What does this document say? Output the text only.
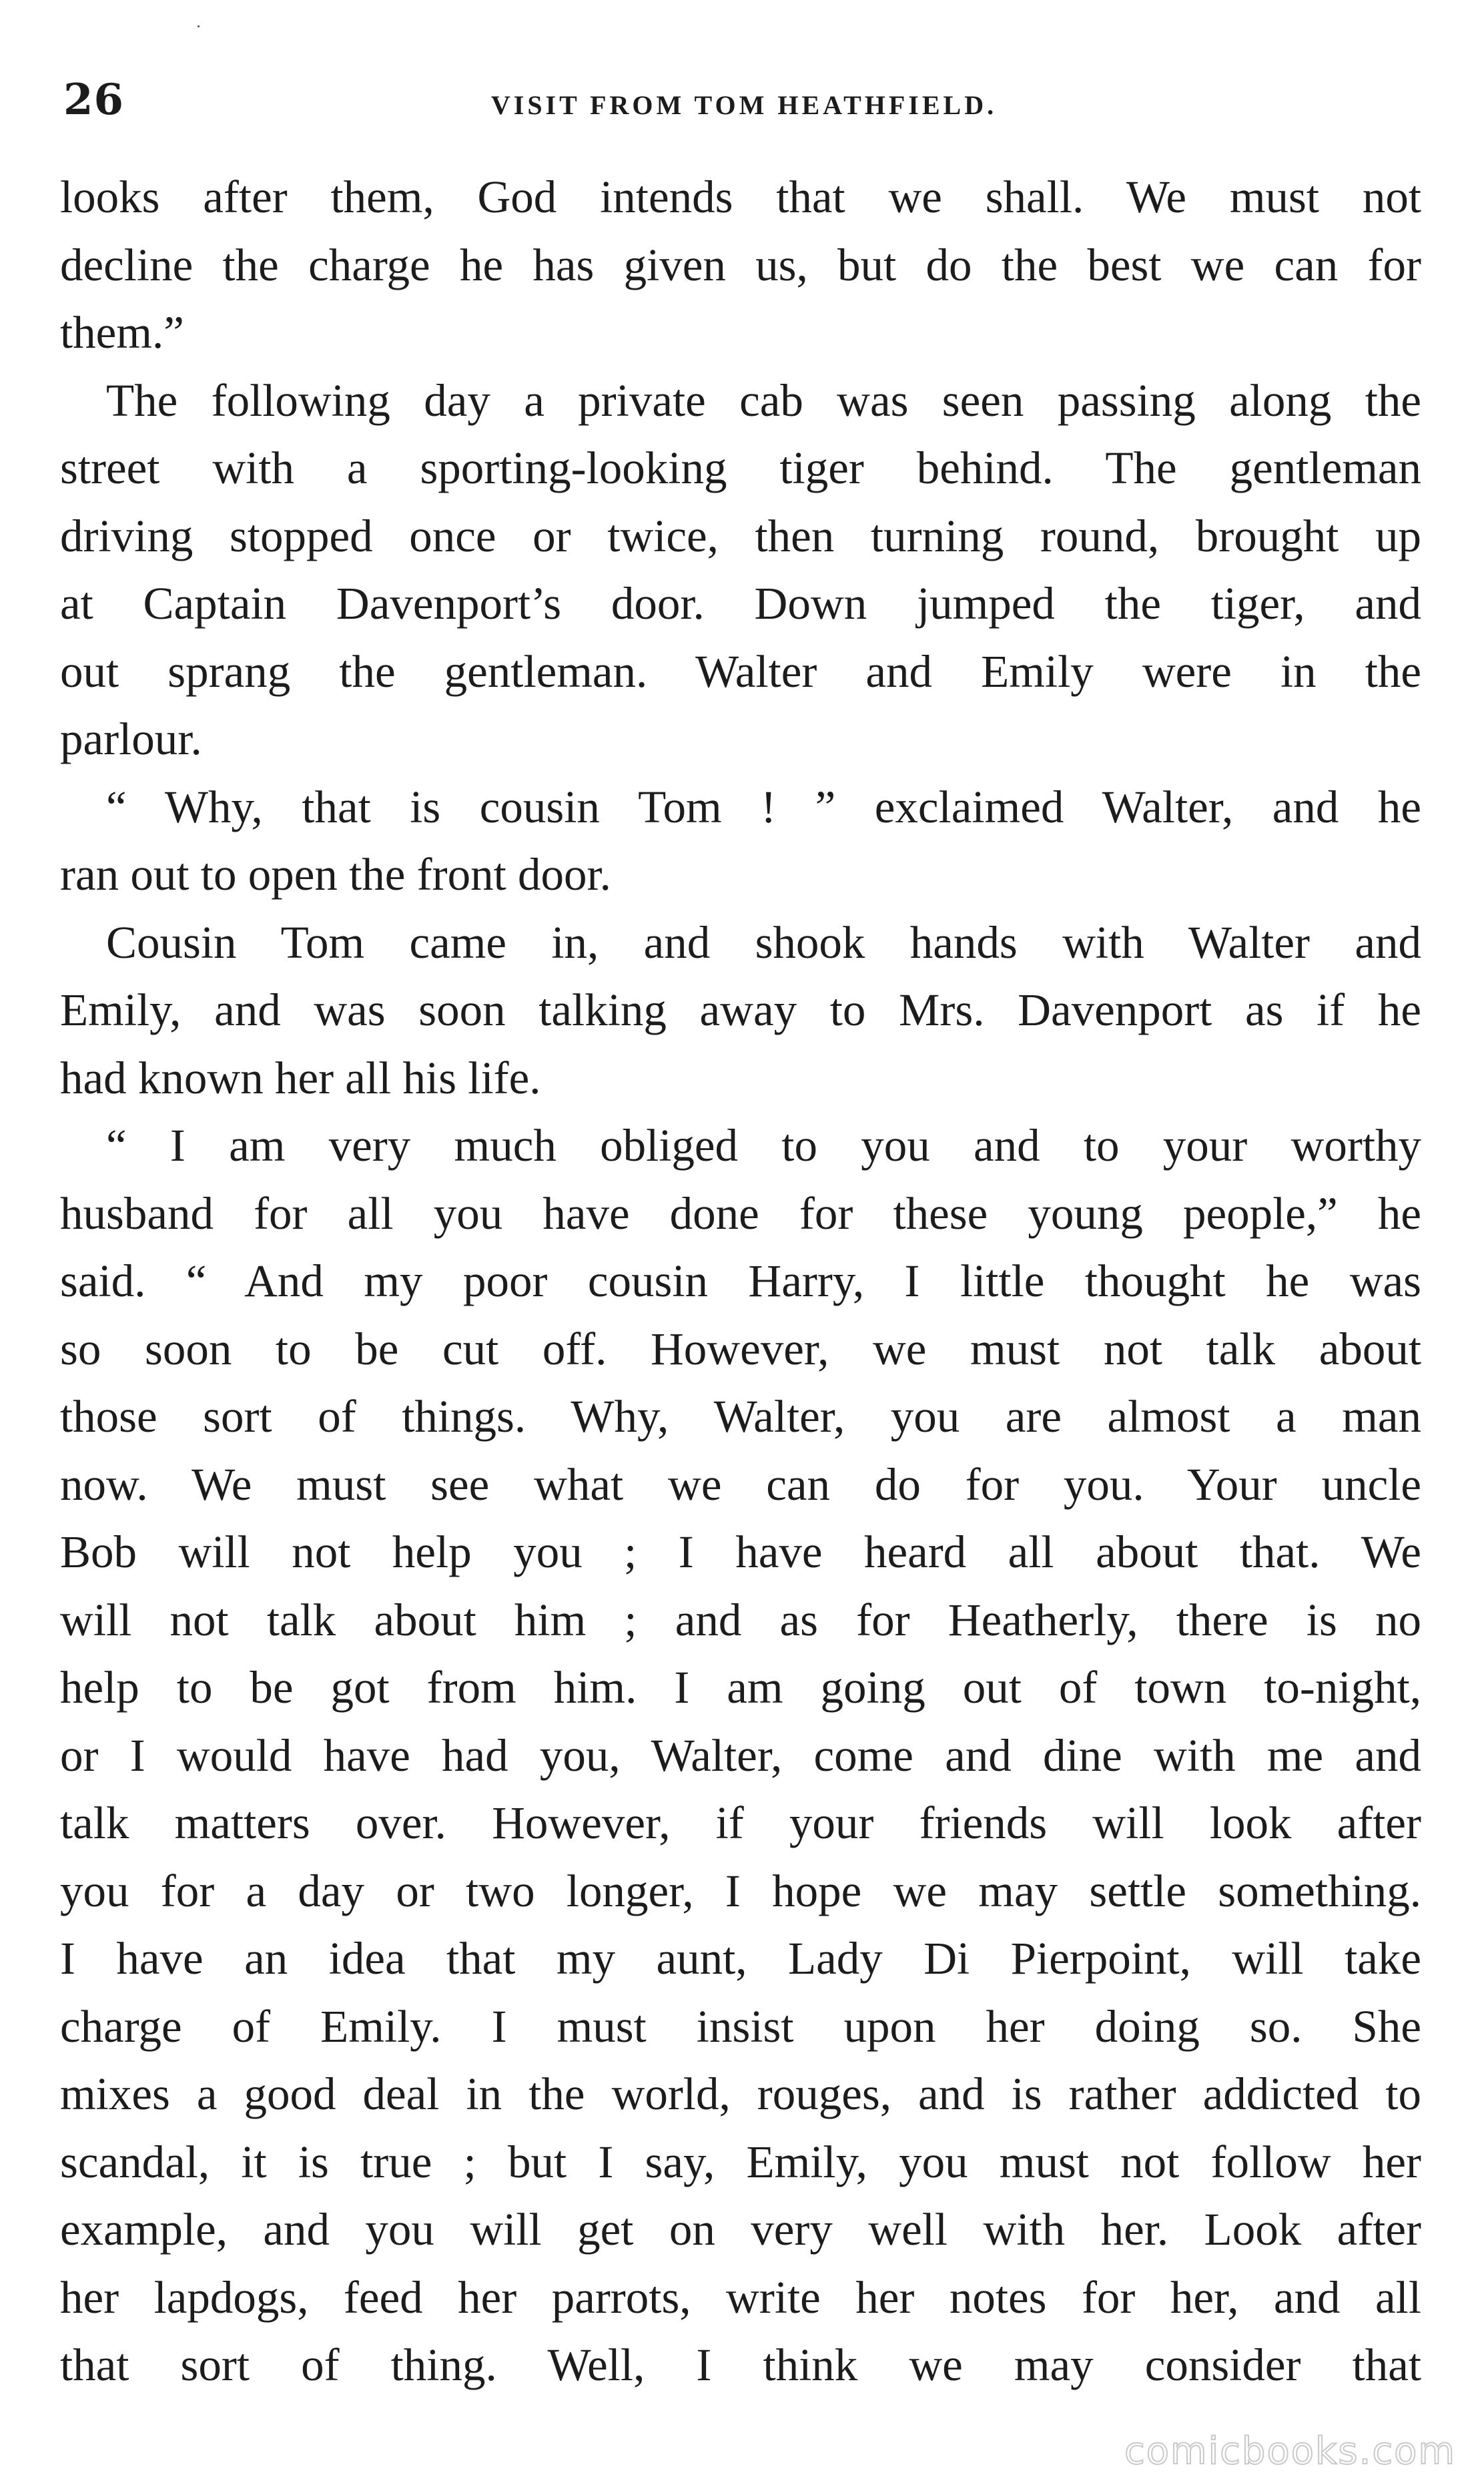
26	VISIT FROM TOM HEATHFIELD.
looks after them, God intends that we shall. We must not
decline the charge he has given us, but do the best we can for
them.”
 The following day a private cab was seen passing along the
street with a sporting-looking tiger behind. The gentleman
driving stopped once or twice, then turning round, brought up
at Captain Davenport’s door. Down jumped the tiger, and
out sprang the gentleman. Walter and Emily were in the
parlour.
 “ Why, that is cousin Tom ! ” exclaimed Walter, and he
ran out to open the front door.
 Cousin Tom came in, and shook hands with Walter and
Emily, and was soon talking away to Mrs. Davenport as if he
had known her all his life.
 “ I am very much obliged to you and to your worthy
husband for all you have done for these young people,” he
said. “ And my poor cousin Harry, I little thought he was
so soon to be cut off. However, we must not talk about
those sort of things. Why, Walter, you are almost a man
now. We must see what we can do for you. Your uncle
Bob will not help you ; I have heard all about that. We
will not talk about him ; and as for Heatherly, there is no
help to be got from him. I am going out of town to-night,
or I would have had you, Walter, come and dine with me and
talk matters over. However, if your friends will look after
you for a day or two longer, I hope we may settle something.
I have an idea that my aunt, Lady Di Pierpoint, will take
charge of Emily. I must insist upon her doing so. She
mixes a good deal in the world, rouges, and is rather addicted to
scandal, it is true ; but I say, Emily, you must not follow her
example, and you will get on very well with her. Look after
her lapdogs, feed her parrots, write her notes for her, and all
that sort of thing. Well, I think we may consider that
comicbooks.com
